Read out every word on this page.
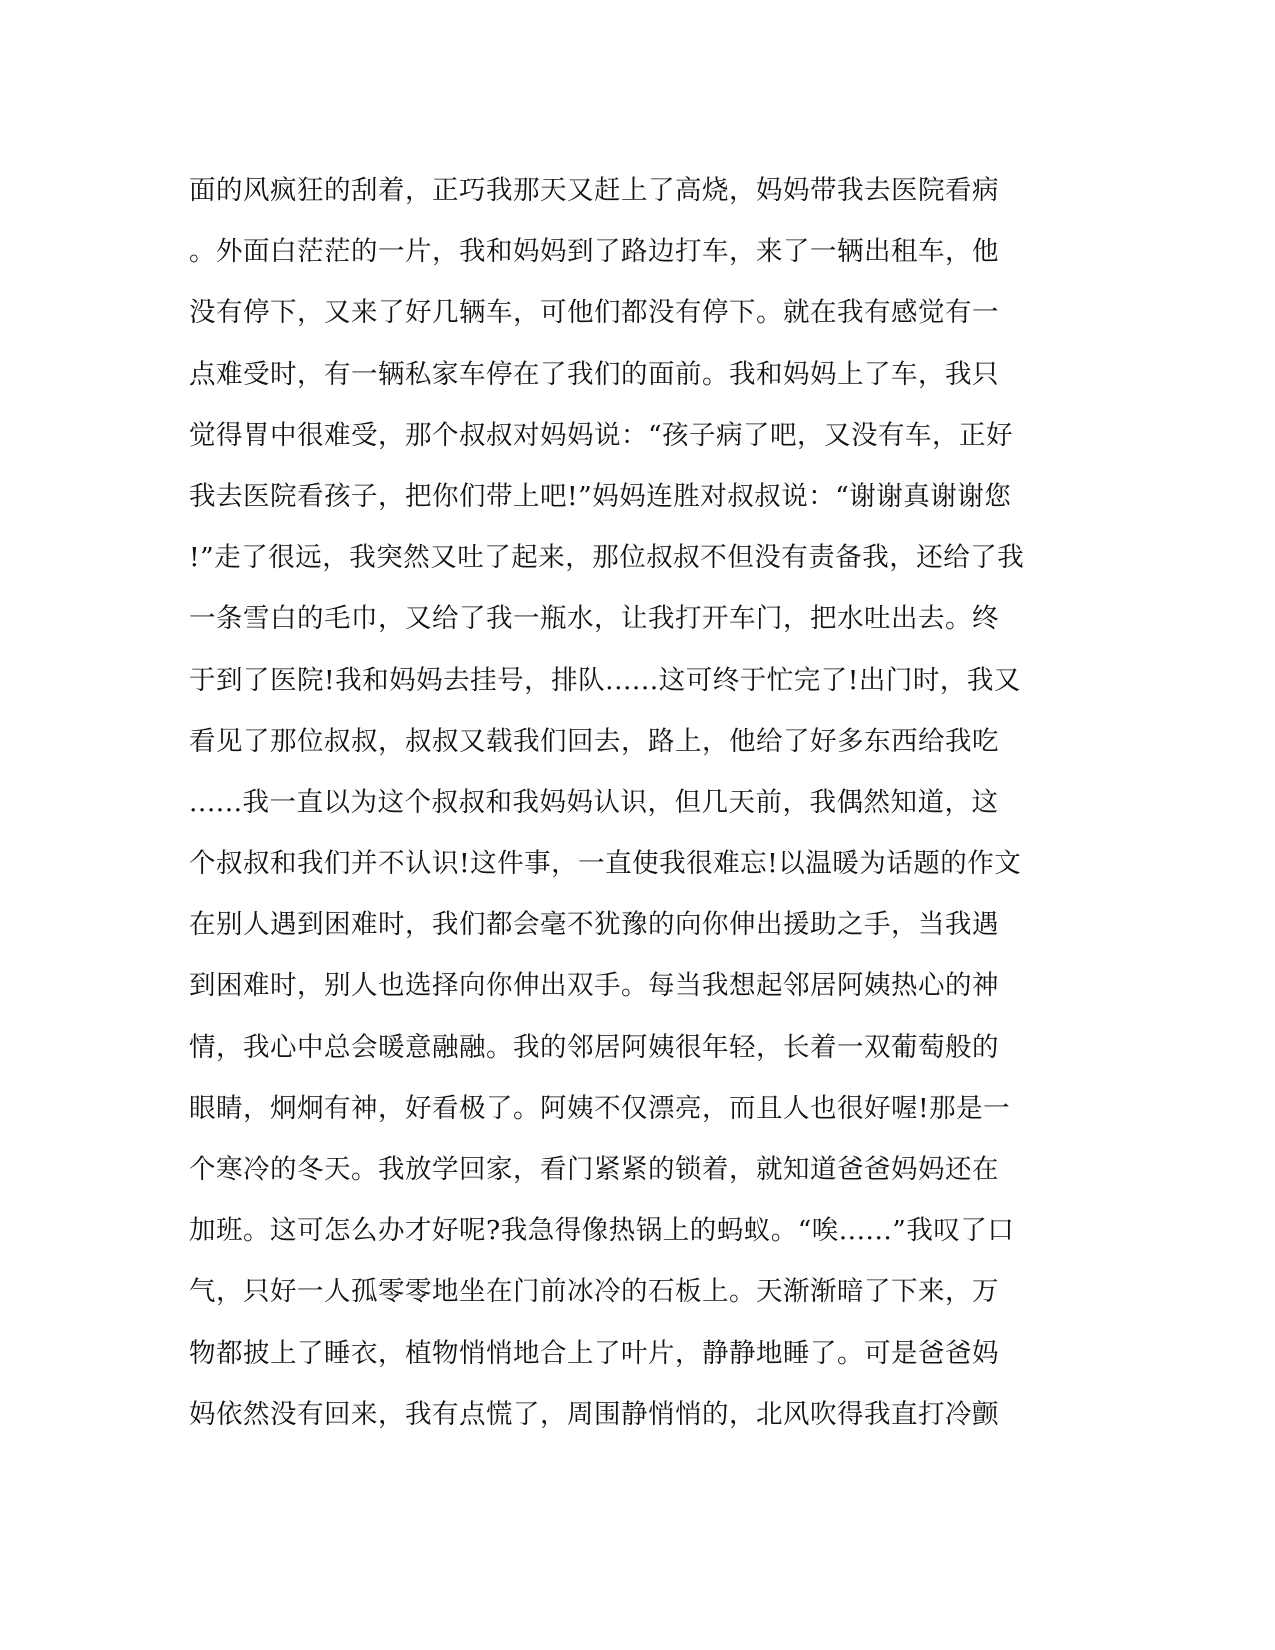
面的风疯狂的刮着，正巧我那天又赶上了高烧，妈妈带我去医院看病
。外面白茫茫的一片，我和妈妈到了路边打车，来了一辆出租车，他
没有停下，又来了好几辆车，可他们都没有停下。就在我有感觉有一
点难受时，有一辆私家车停在了我们的面前。我和妈妈上了车，我只
觉得胃中很难受，那个叔叔对妈妈说：“孩子病了吧，又没有车，正好
我去医院看孩子，把你们带上吧!”妈妈连胜对叔叔说：“谢谢真谢谢您
!”走了很远，我突然又吐了起来，那位叔叔不但没有责备我，还给了我
一条雪白的毛巾，又给了我一瓶水，让我打开车门，把水吐出去。终
于到了医院!我和妈妈去挂号，排队......这可终于忙完了!出门时，我又
看见了那位叔叔，叔叔又载我们回去，路上，他给了好多东西给我吃
......我一直以为这个叔叔和我妈妈认识，但几天前，我偶然知道，这
个叔叔和我们并不认识!这件事，一直使我很难忘!以温暖为话题的作文
在别人遇到困难时，我们都会毫不犹豫的向你伸出援助之手，当我遇
到困难时，别人也选择向你伸出双手。每当我想起邻居阿姨热心的神
情，我心中总会暖意融融。我的邻居阿姨很年轻，长着一双葡萄般的
眼睛，炯炯有神，好看极了。阿姨不仅漂亮，而且人也很好喔!那是一
个寒冷的冬天。我放学回家，看门紧紧的锁着，就知道爸爸妈妈还在
加班。这可怎么办才好呢?我急得像热锅上的蚂蚁。“唉......”我叹了口
气，只好一人孤零零地坐在门前冰冷的石板上。天渐渐暗了下来，万
物都披上了睡衣，植物悄悄地合上了叶片，静静地睡了。可是爸爸妈
妈依然没有回来，我有点慌了，周围静悄悄的，北风吹得我直打冷颤
